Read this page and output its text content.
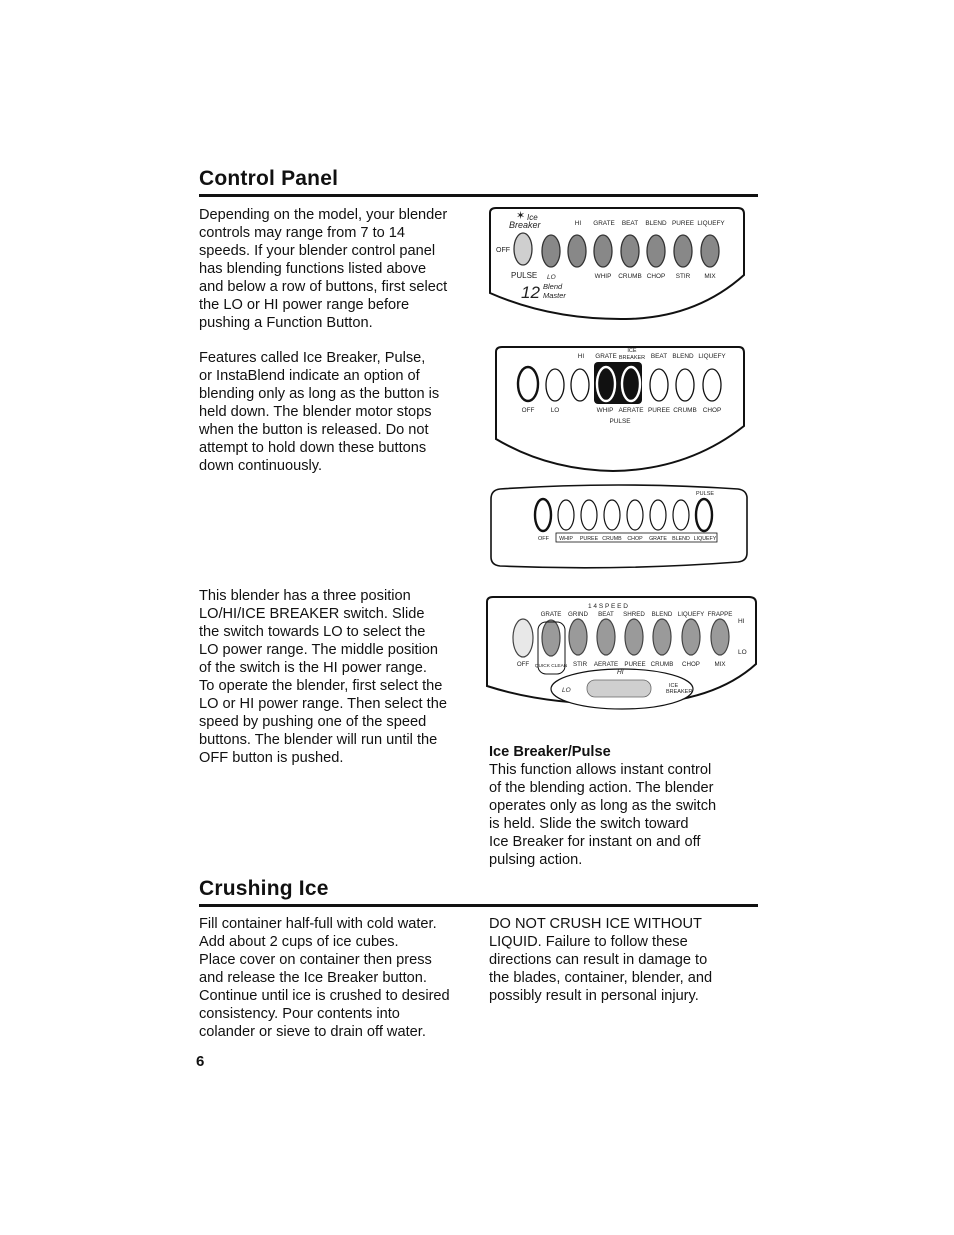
Control Panel

Depending on the model, your blender
controls may range from 7 to 14
speeds. If your blender control panel
has blending functions listed above
and below a row of buttons, first select
the LO or HI power range before
pushing a Function Button.

Features called Ice Breaker, Pulse,
or InstaBlend indicate an option of
blending only as long as the button is
held down. The blender motor stops
when the button is released. Do not
attempt to hold down these buttons
down continuously.

This blender has a three position
LO/HI/ICE BREAKER switch. Slide
the switch towards LO to select the
LO power range. The middle position
of the switch is the HI power range.
To operate the blender, first select the
LO or HI power range. Then select the
speed by pushing one of the speed
buttons. The blender will run until the
OFF button is pushed.	Ice Breaker/Pulse

This function allows instant control
of the blending action. The blender
operates only as long as the switch
is held. Slide the switch toward
Ice Breaker for instant on and off
pulsing action.

✶ Ice
Breaker	HI GRATE BEAT BLEND PUREE LIQUEFY
OFF
PULSE LO	WHIP CRUMB CHOP STIR MIX
12 Blend
Master
HI GRATE	BEAT BLEND LIQUEFY
ICE
BREAKER
OFF	LO	WHIP AERATE PUREE CRUMB CHOP
PULSE
PULSE
OFF WHIP PUREE CRUMB CHOP GRATE BLEND LIQUEFY
1 4 S P E E D
GRATE GRIND BEAT SHRED BLEND LIQUEFY FRAPPE
HI
LO
OFF QUICK CLEAN STIR AERATE PUREE CRUMB CHOP MIX
HI
LO
ICE
BREAKER
Crushing Ice

Fill container half-full with cold water.
Add about 2 cups of ice cubes.
Place cover on container then press
and release the Ice Breaker button.
Continue until ice is crushed to desired
consistency. Pour contents into
colander or sieve to drain off water.

DO NOT CRUSH ICE WITHOUT
LIQUID. Failure to follow these
directions can result in damage to
the blades, container, blender, and
possibly result in personal injury.

6
